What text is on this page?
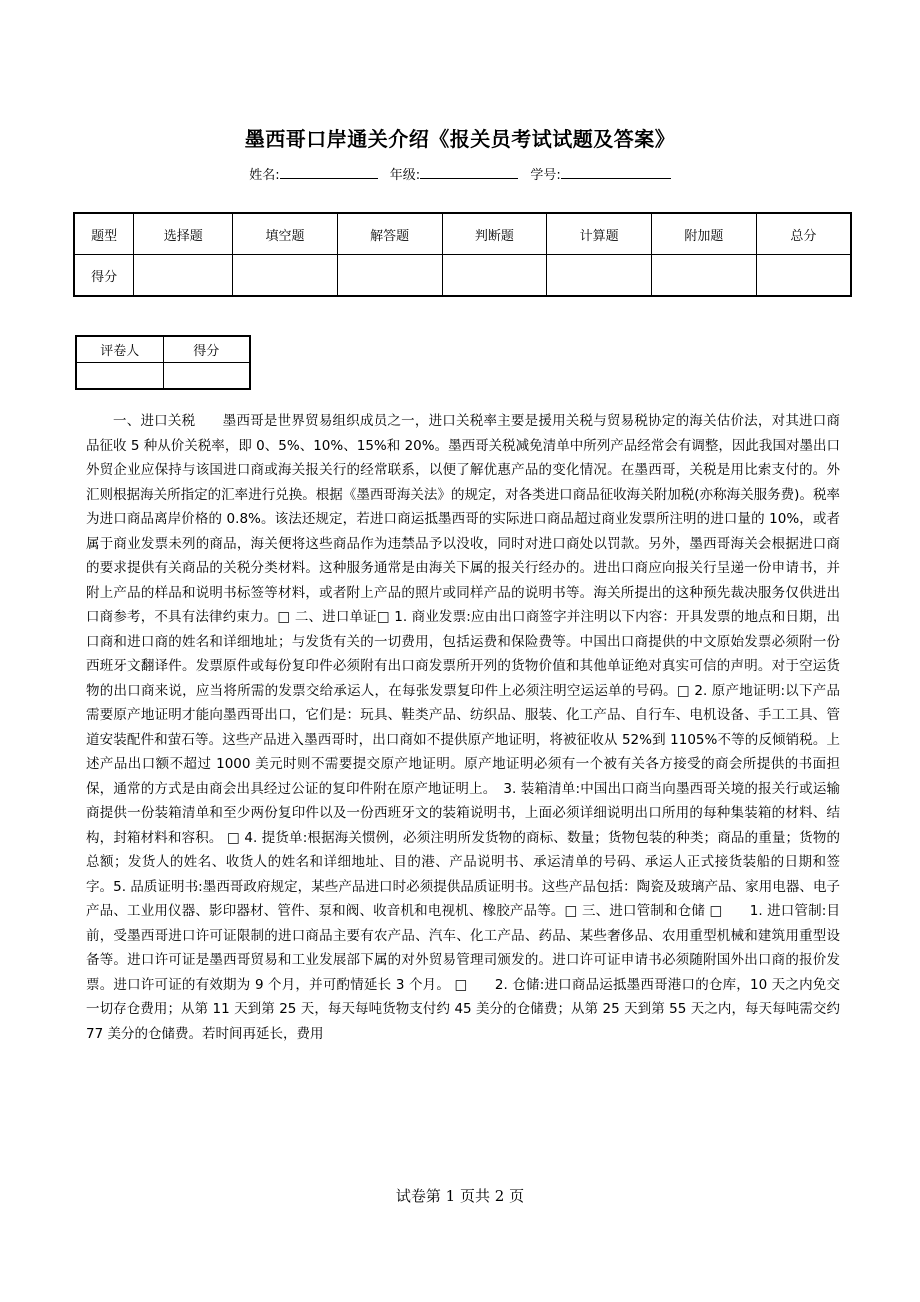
墨西哥口岸通关介绍《报关员考试试题及答案》
姓名:	年级:	学号:
题型	选择题	填空题	解答题	判断题	计算题	附加题	总分
得分							
评卷人	得分

一、进口关税　　墨西哥是世界贸易组织成员之一，进口关税率主要是援用关税与贸易税协定的海关估价法，对其进口商品征收 5 种从价关税率，即 0、5%、10%、15%和 20%。墨西哥关税减免清单中所列产品经常会有调整，因此我国对墨出口外贸企业应保持与该国进口商或海关报关行的经常联系，以便了解优惠产品的变化情况。在墨西哥，关税是用比索支付的。外汇则根据海关所指定的汇率进行兑换。根据《墨西哥海关法》的规定，对各类进口商品征收海关附加税(亦称海关服务费)。税率为进口商品离岸价格的 0.8%。该法还规定，若进口商运抵墨西哥的实际进口商品超过商业发票所注明的进口量的 10%，或者属于商业发票未列的商品，海关便将这些商品作为违禁品予以没收，同时对进口商处以罚款。另外，墨西哥海关会根据进口商的要求提供有关商品的关税分类材料。这种服务通常是由海关下属的报关行经办的。进出口商应向报关行呈递一份申请书，并附上产品的样品和说明书标签等材料，或者附上产品的照片或同样产品的说明书等。海关所提出的这种预先裁决服务仅供进出口商参考，不具有法律约束力。□ 二、进口单证□ 1. 商业发票:应由出口商签字并注明以下内容：开具发票的地点和日期，出口商和进口商的姓名和详细地址；与发货有关的一切费用，包括运费和保险费等。中国出口商提供的中文原始发票必须附一份西班牙文翻译件。发票原件或每份复印件必须附有出口商发票所开列的货物价值和其他单证绝对真实可信的声明。对于空运货物的出口商来说，应当将所需的发票交给承运人，在每张发票复印件上必须注明空运运单的号码。□ 2. 原产地证明:以下产品需要原产地证明才能向墨西哥出口，它们是：玩具、鞋类产品、纺织品、服装、化工产品、自行车、电机设备、手工工具、管道安装配件和萤石等。这些产品进入墨西哥时，出口商如不提供原产地证明，将被征收从 52%到 1105%不等的反倾销税。上述产品出口额不超过 1000 美元时则不需要提交原产地证明。原产地证明必须有一个被有关各方接受的商会所提供的书面担保，通常的方式是由商会出具经过公证的复印件附在原产地证明上。　3. 装箱清单:中国出口商当向墨西哥关境的报关行或运输商提供一份装箱清单和至少两份复印件以及一份西班牙文的装箱说明书，上面必须详细说明出口所用的每种集装箱的材料、结构，封箱材料和容积。 □ 4. 提货单:根据海关惯例，必须注明所发货物的商标、数量；货物包装的种类；商品的重量；货物的总额；发货人的姓名、收货人的姓名和详细地址、目的港、产品说明书、承运清单的号码、承运人正式接货装船的日期和签字。5. 品质证明书:墨西哥政府规定，某些产品进口时必须提供品质证明书。这些产品包括：陶瓷及玻璃产品、家用电器、电子产品、工业用仪器、影印器材、管件、泵和阀、收音机和电视机、橡胶产品等。□ 三、进口管制和仓储 □　　1. 进口管制:目前，受墨西哥进口许可证限制的进口商品主要有农产品、汽车、化工产品、药品、某些奢侈品、农用重型机械和建筑用重型设备等。进口许可证是墨西哥贸易和工业发展部下属的对外贸易管理司颁发的。进口许可证申请书必须随附国外出口商的报价发票。进口许可证的有效期为 9 个月，并可酌情延长 3 个月。 □　　2. 仓储:进口商品运抵墨西哥港口的仓库，10 天之内免交一切存仓费用；从第 11 天到第 25 天，每天每吨货物支付约 45 美分的仓储费；从第 25 天到第 55 天之内，每天每吨需交约 77 美分的仓储费。若时间再延长，费用

试卷第 1 页共 2 页
